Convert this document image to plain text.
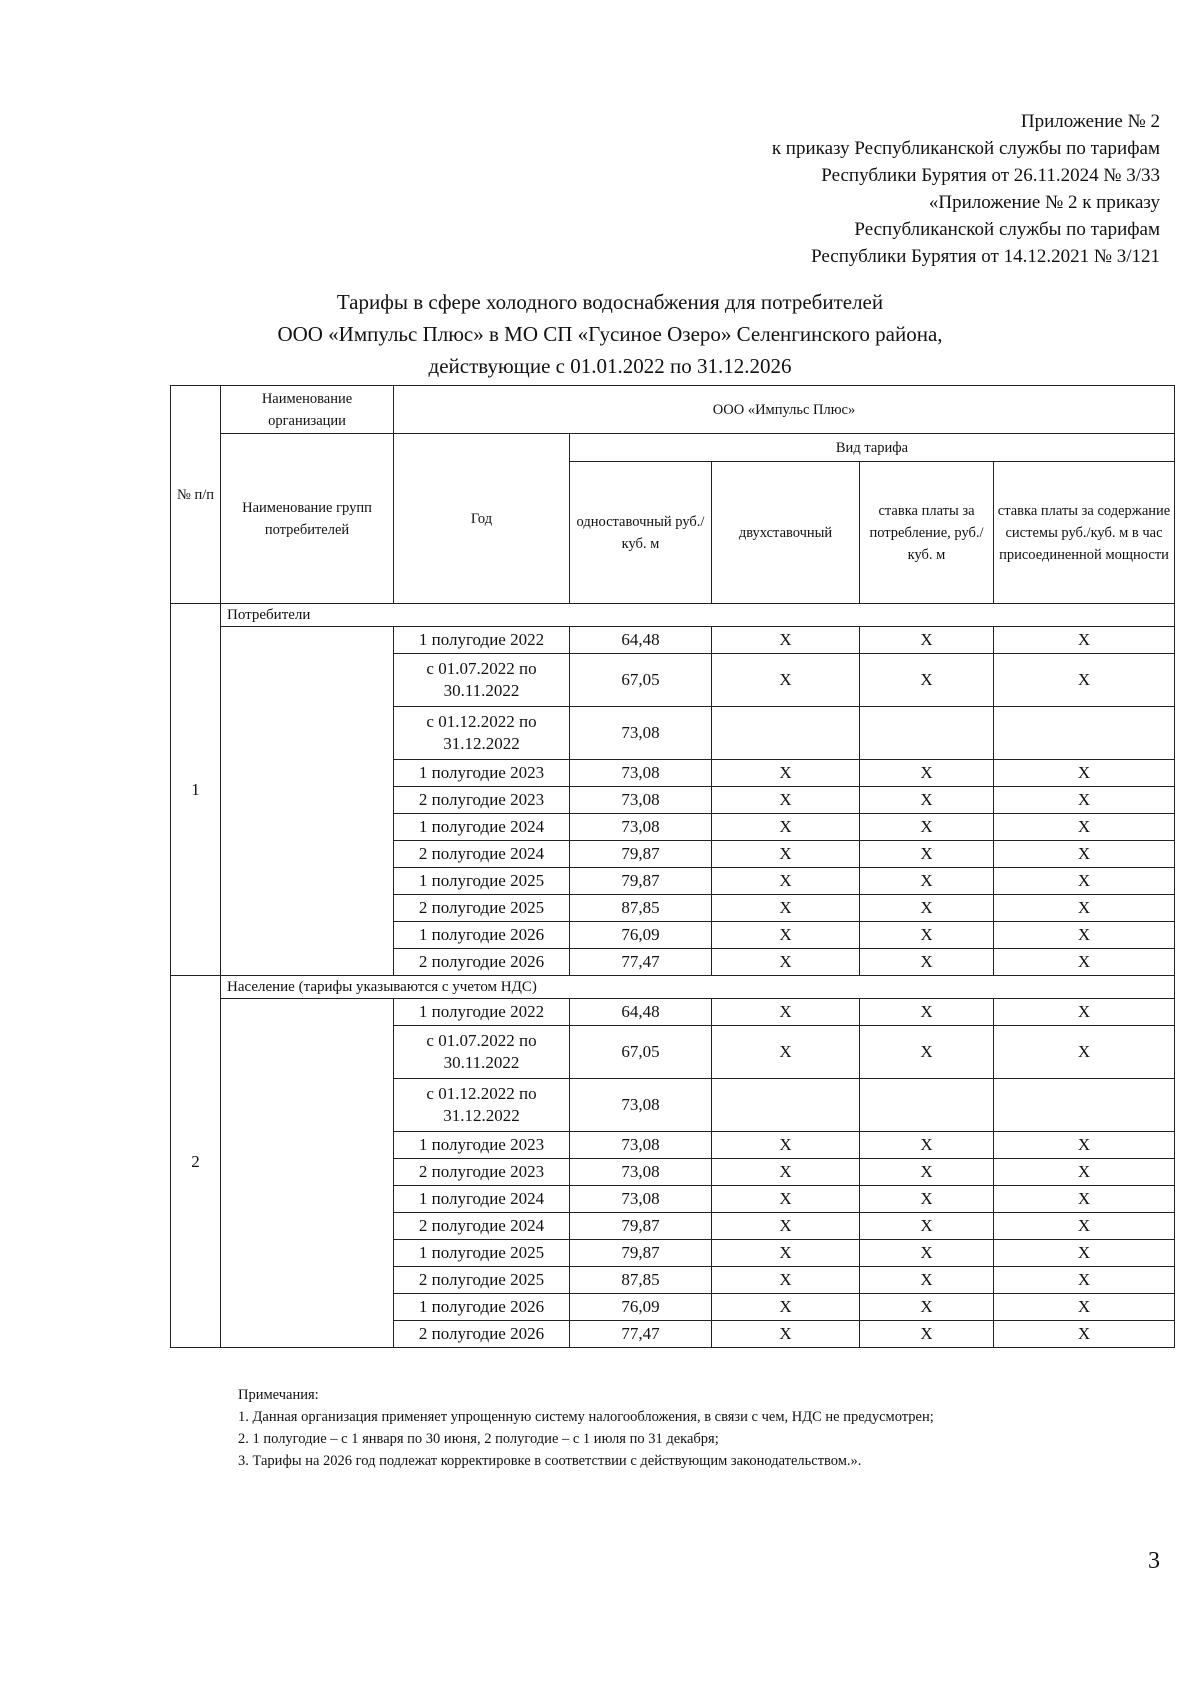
Приложение № 2
к приказу Республиканской службы по тарифам
Республики Бурятия от 26.11.2024 № 3/33
«Приложение № 2 к приказу
Республиканской службы по тарифам
Республики Бурятия от 14.12.2021 № 3/121
Тарифы в сфере холодного водоснабжения для потребителей
ООО «Импульс Плюс» в МО СП «Гусиное Озеро» Селенгинского района,
действующие с 01.01.2022 по 31.12.2026
№ п/п	Наименование организации	ООО «Импульс Плюс»				
	Наименование групп потребителей	Год	Вид тарифа			
			одноставочный руб./ куб. м	двухставочный	ставка платы за потребление, руб./ куб. м	ставка платы за содержание системы руб./куб. м в час присоединенной мощности
1	Потребители					
		1 полугодие 2022	64,48	Х	Х	Х
		с 01.07.2022 по 30.11.2022	67,05	Х	Х	Х
		с 01.12.2022 по 31.12.2022	73,08			
		1 полугодие 2023	73,08	Х	Х	Х
		2 полугодие 2023	73,08	Х	Х	Х
		1 полугодие 2024	73,08	Х	Х	Х
		2 полугодие 2024	79,87	Х	Х	Х
		1 полугодие 2025	79,87	Х	Х	Х
		2 полугодие 2025	87,85	Х	Х	Х
		1 полугодие 2026	76,09	Х	Х	Х
		2 полугодие 2026	77,47	Х	Х	Х
2	Население (тарифы указываются с учетом НДС)					
		1 полугодие 2022	64,48	Х	Х	Х
		с 01.07.2022 по 30.11.2022	67,05	Х	Х	Х
		с 01.12.2022 по 31.12.2022	73,08			
		1 полугодие 2023	73,08	Х	Х	Х
		2 полугодие 2023	73,08	Х	Х	Х
		1 полугодие 2024	73,08	Х	Х	Х
		2 полугодие 2024	79,87	Х	Х	Х
		1 полугодие 2025	79,87	Х	Х	Х
		2 полугодие 2025	87,85	Х	Х	Х
		1 полугодие 2026	76,09	Х	Х	Х
		2 полугодие 2026	77,47	Х	Х	Х
Примечания:
1. Данная организация применяет упрощенную систему налогообложения, в связи с чем, НДС не предусмотрен;
2. 1 полугодие – с 1 января по 30 июня, 2 полугодие – с 1 июля по 31 декабря;
3. Тарифы на 2026 год подлежат корректировке в соответствии с действующим законодательством.».
3
